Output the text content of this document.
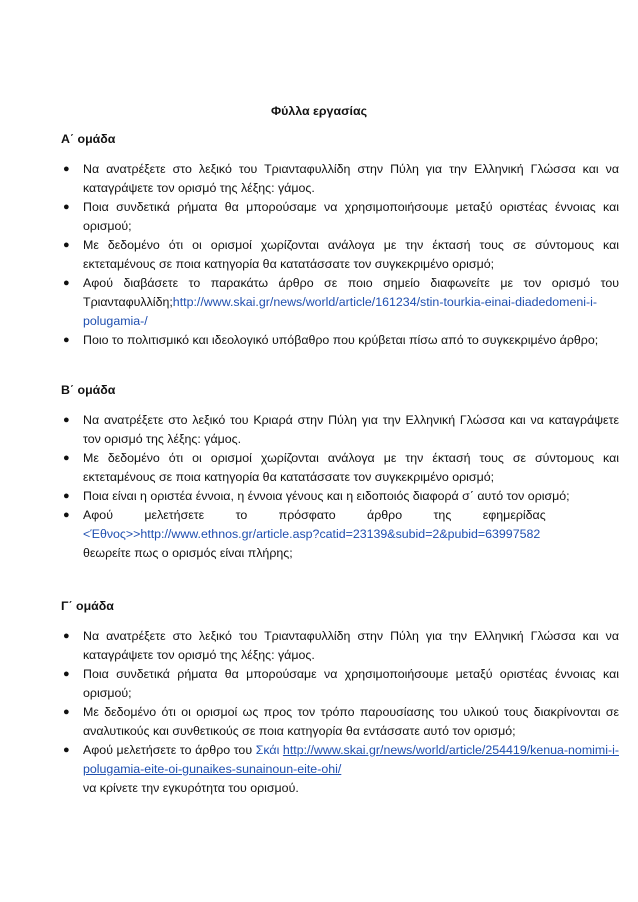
Φύλλα εργασίας
Α΄ ομάδα
● Να ανατρέξετε στο λεξικό του Τριανταφυλλίδη στην Πύλη για την Ελληνική Γλώσσα και να καταγράψετε τον ορισμό της λέξης: γάμος.
● Ποια συνδετικά ρήματα θα μπορούσαμε να χρησιμοποιήσουμε μεταξύ οριστέας έννοιας και ορισμού;
● Με δεδομένο ότι οι ορισμοί χωρίζονται ανάλογα με την έκτασή τους σε σύντομους και εκτεταμένους σε ποια κατηγορία θα κατατάσσατε τον συγκεκριμένο ορισμό;
● Αφού διαβάσετε το παρακάτω άρθρο σε ποιο σημείο διαφωνείτε με τον ορισμό του Τριανταφυλλίδη;http://www.skai.gr/news/world/article/161234/stin-tourkia-einai-diadedomeni-i-polugamia-/
● Ποιο το πολιτισμικό και ιδεολογικό υπόβαθρο που κρύβεται πίσω από το συγκεκριμένο άρθρο;
Β΄ ομάδα
● Να ανατρέξετε στο λεξικό του Κριαρά στην Πύλη για την Ελληνική Γλώσσα και να καταγράψετε τον ορισμό της λέξης: γάμος.
● Με δεδομένο ότι οι ορισμοί χωρίζονται ανάλογα με την έκτασή τους σε σύντομους και εκτεταμένους σε ποια κατηγορία θα κατατάσσατε τον συγκεκριμένο ορισμό;
● Ποια είναι η οριστέα έννοια, η έννοια γένους και η ειδοποιός διαφορά σ΄ αυτό τον ορισμό;
● Αφού μελετήσετε το πρόσφατο άρθρο της εφημερίδας
<Έθνος>>http://www.ethnos.gr/article.asp?catid=23139&subid=2&pubid=63997582
θεωρείτε πως ο ορισμός είναι πλήρης;
Γ΄ ομάδα
● Να ανατρέξετε στο λεξικό του Τριανταφυλλίδη στην Πύλη για την Ελληνική Γλώσσα και να καταγράψετε τον ορισμό της λέξης: γάμος.
● Ποια συνδετικά ρήματα θα μπορούσαμε να χρησιμοποιήσουμε μεταξύ οριστέας έννοιας και ορισμού;
● Με δεδομένο ότι οι ορισμοί ως προς τον τρόπο παρουσίασης του υλικού τους διακρίνονται σε αναλυτικούς και συνθετικούς σε ποια κατηγορία θα εντάσσατε αυτό τον ορισμό;
● Αφού μελετήσετε το άρθρο του Σκάι http://www.skai.gr/news/world/article/254419/kenua-nomimi-i-polugamia-eite-oi-gunaikes-sunainoun-eite-ohi/
να κρίνετε την εγκυρότητα του ορισμού.
